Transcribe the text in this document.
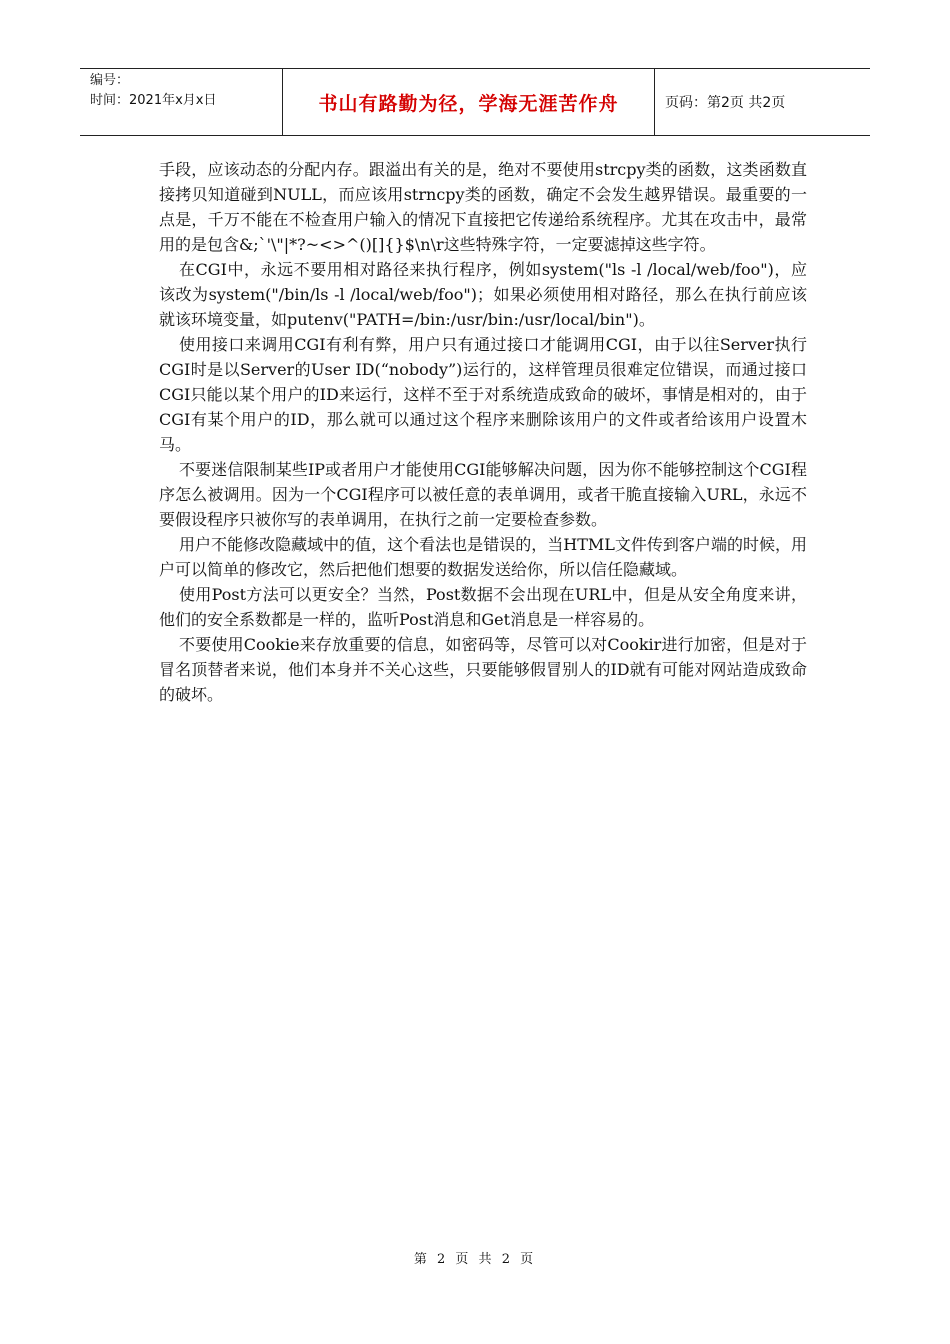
编号：
时间：2021年x月x日	书山有路勤为径，学海无涯苦作舟	页码：第2页 共2页

手段，应该动态的分配内存。跟溢出有关的是，绝对不要使用strcpy类的函数，这类函数直接拷贝知道碰到NULL，而应该用strncpy类的函数，确定不会发生越界错误。最重要的一点是，千万不能在不检查用户输入的情况下直接把它传递给系统程序。尤其在攻击中，最常用的是包含&;`'\"|*?~<>^()[]{}$\n\r这些特殊字符，一定要滤掉这些字符。

在CGI中，永远不要用相对路径来执行程序，例如system("ls -l /local/web/foo")，应该改为system("/bin/ls -l /local/web/foo")；如果必须使用相对路径，那么在执行前应该就该环境变量，如putenv("PATH=/bin:/usr/bin:/usr/local/bin")。

使用接口来调用CGI有利有弊，用户只有通过接口才能调用CGI，由于以往Server执行CGI时是以Server的User ID(“nobody”)运行的，这样管理员很难定位错误，而通过接口CGI只能以某个用户的ID来运行，这样不至于对系统造成致命的破坏，事情是相对的，由于CGI有某个用户的ID，那么就可以通过这个程序来删除该用户的文件或者给该用户设置木马。

不要迷信限制某些IP或者用户才能使用CGI能够解决问题，因为你不能够控制这个CGI程序怎么被调用。因为一个CGI程序可以被任意的表单调用，或者干脆直接输入URL，永远不要假设程序只被你写的表单调用，在执行之前一定要检查参数。

用户不能修改隐藏域中的值，这个看法也是错误的，当HTML文件传到客户端的时候，用户可以简单的修改它，然后把他们想要的数据发送给你，所以信任隐藏域。

使用Post方法可以更安全？当然，Post数据不会出现在URL中，但是从安全角度来讲，他们的安全系数都是一样的，监听Post消息和Get消息是一样容易的。

不要使用Cookie来存放重要的信息，如密码等，尽管可以对Cookir进行加密，但是对于冒名顶替者来说，他们本身并不关心这些，只要能够假冒别人的ID就有可能对网站造成致命的破坏。

第 2 页 共 2 页
